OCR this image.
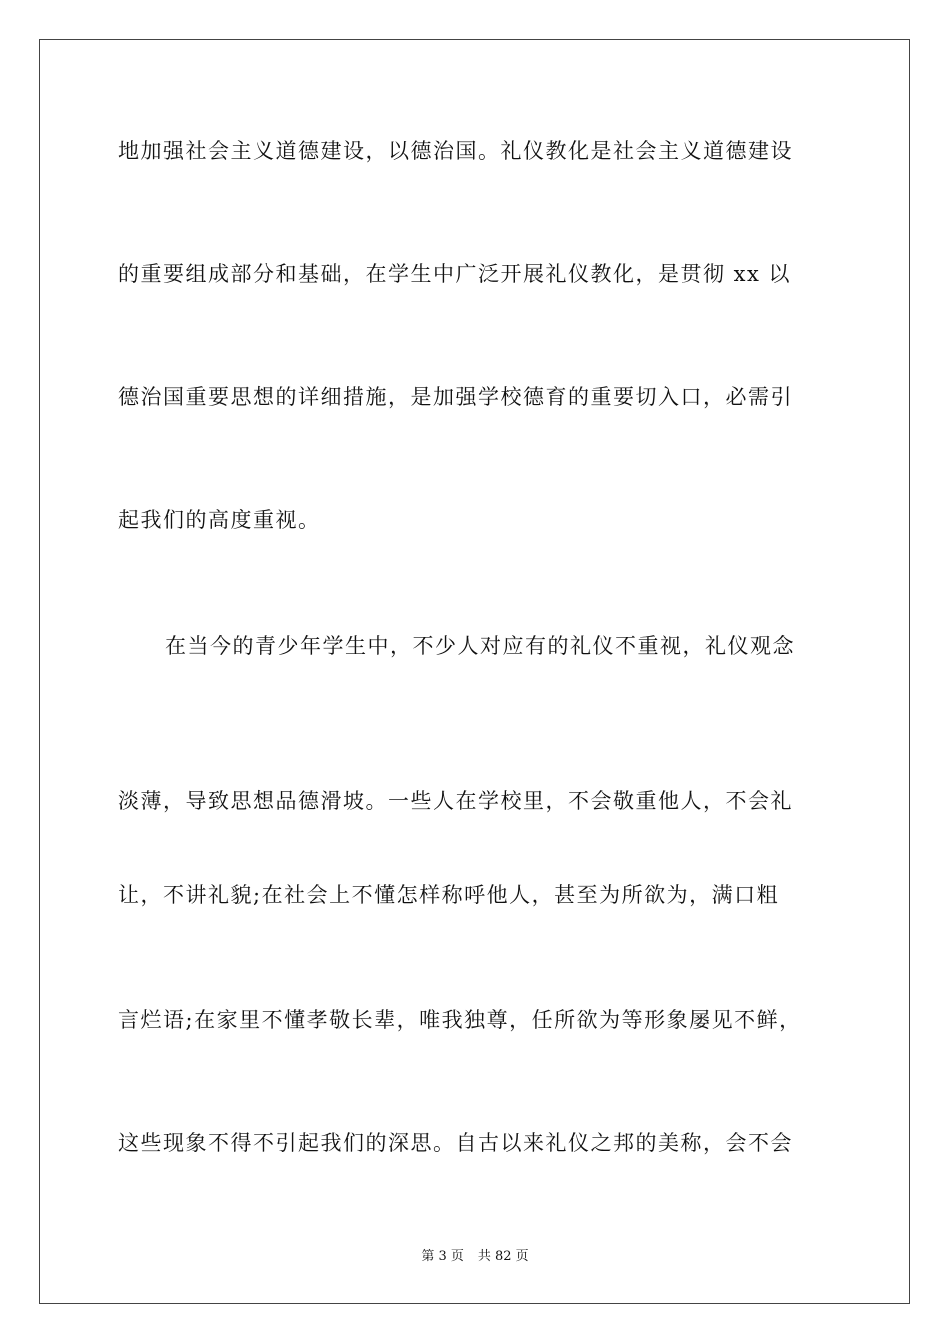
地加强社会主义道德建设，以德治国。礼仪教化是社会主义道德建设
的重要组成部分和基础，在学生中广泛开展礼仪教化，是贯彻 xx 以
德治国重要思想的详细措施，是加强学校德育的重要切入口，必需引
起我们的高度重视。
在当今的青少年学生中，不少人对应有的礼仪不重视，礼仪观念
淡薄，导致思想品德滑坡。一些人在学校里，不会敬重他人，不会礼
让，不讲礼貌;在社会上不懂怎样称呼他人，甚至为所欲为，满口粗
言烂语;在家里不懂孝敬长辈，唯我独尊，任所欲为等形象屡见不鲜，
这些现象不得不引起我们的深思。自古以来礼仪之邦的美称，会不会
第 3 页 共 82 页
